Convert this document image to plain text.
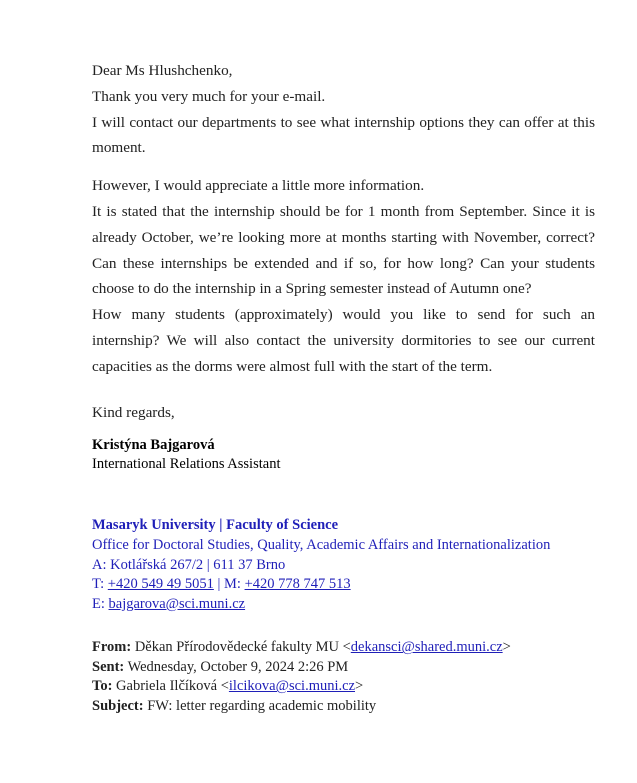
Dear Ms Hlushchenko,

Thank you very much for your e-mail.

I will contact our departments to see what internship options they can offer at this moment.

However, I would appreciate a little more information.

It is stated that the internship should be for 1 month from September. Since it is already October, we’re looking more at months starting with November, correct? Can these internships be extended and if so, for how long? Can your students choose to do the internship in a Spring semester instead of Autumn one?

How many students (approximately) would you like to send for such an internship? We will also contact the university dormitories to see our current capacities as the dorms were almost full with the start of the term.

Kind regards,

Kristýna Bajgarová
International Relations Assistant
Masaryk University | Faculty of Science
Office for Doctoral Studies, Quality, Academic Affairs and Internationalization
A: Kotlářská 267/2 | 611 37 Brno
T: +420 549 49 5051 | M: +420 778 747 513
E: bajgarova@sci.muni.cz
From: Děkan Přírodovědecké fakulty MU <dekansci@shared.muni.cz>
Sent: Wednesday, October 9, 2024 2:26 PM
To: Gabriela Ilčíková <ilcikova@sci.muni.cz>
Subject: FW: letter regarding academic mobility
